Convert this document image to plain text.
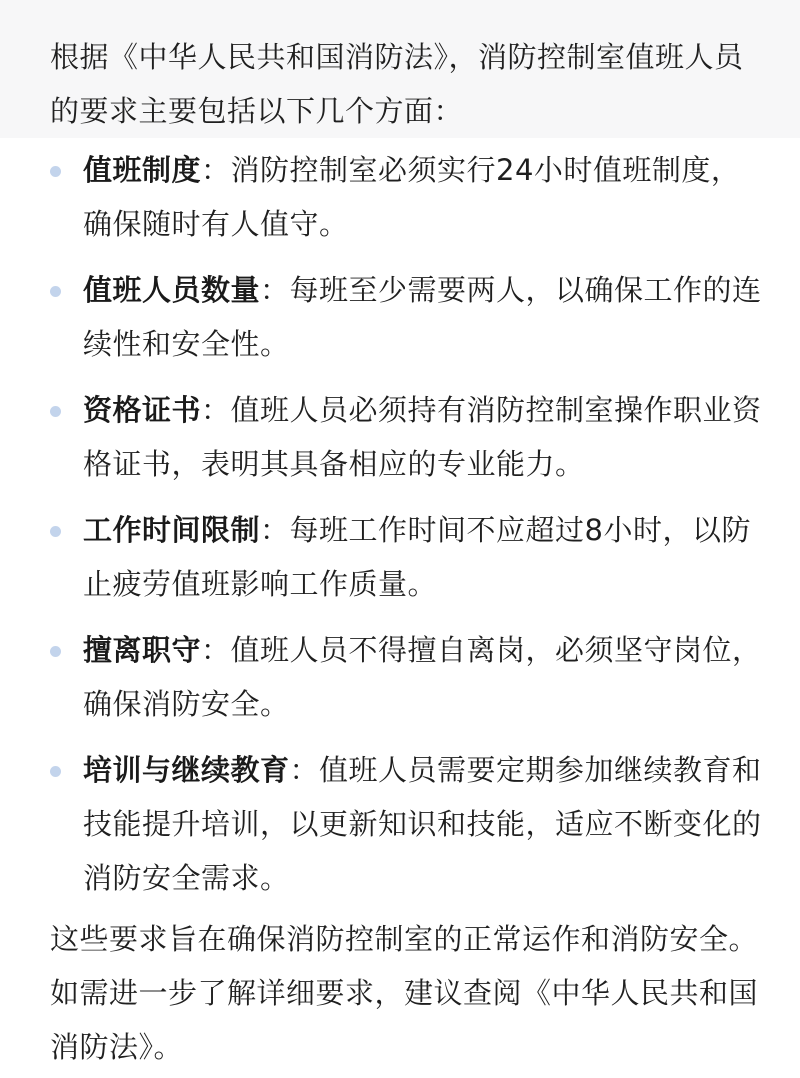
根据《中华人民共和国消防法》，消防控制室值班人员的要求主要包括以下几个方面：

值班制度：消防控制室必须实行24小时值班制度，确保随时有人值守。
值班人员数量：每班至少需要两人，以确保工作的连续性和安全性。
资格证书：值班人员必须持有消防控制室操作职业资格证书，表明其具备相应的专业能力。
工作时间限制：每班工作时间不应超过8小时，以防止疲劳值班影响工作质量。
擅离职守：值班人员不得擅自离岗，必须坚守岗位，确保消防安全。
培训与继续教育：值班人员需要定期参加继续教育和技能提升培训，以更新知识和技能，适应不断变化的消防安全需求。

这些要求旨在确保消防控制室的正常运作和消防安全。如需进一步了解详细要求，建议查阅《中华人民共和国消防法》。
